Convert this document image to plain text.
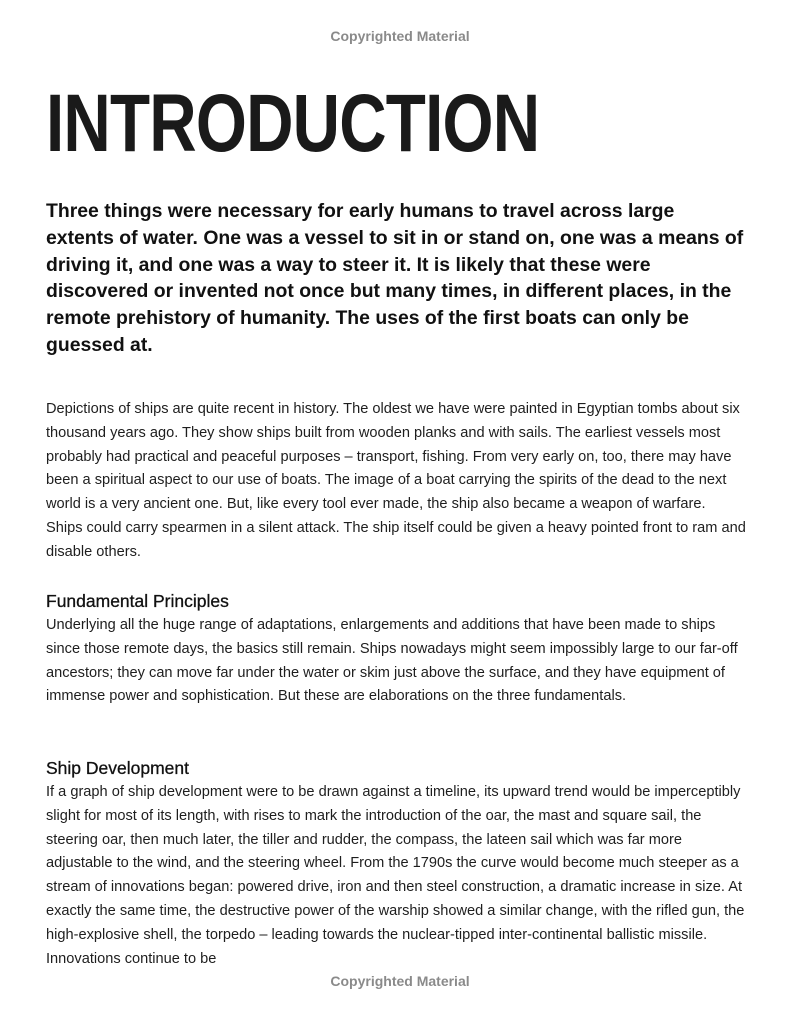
Copyrighted Material
INTRODUCTION

Three things were necessary for early humans to travel across large extents of water. One was a vessel to sit in or stand on, one was a means of driving it, and one was a way to steer it. It is likely that these were discovered or invented not once but many times, in different places, in the remote prehistory of humanity. The uses of the first boats can only be guessed at.

Depictions of ships are quite recent in history. The oldest we have were painted in Egyptian tombs about six thousand years ago. They show ships built from wooden planks and with sails. The earliest vessels most probably had practical and peaceful purposes – transport, fishing. From very early on, too, there may have been a spiritual aspect to our use of boats. The image of a boat carrying the spirits of the dead to the next world is a very ancient one. But, like every tool ever made, the ship also became a weapon of warfare. Ships could carry spearmen in a silent attack. The ship itself could be given a heavy pointed front to ram and disable others.

Fundamental Principles

Underlying all the huge range of adaptations, enlargements and additions that have been made to ships since those remote days, the basics still remain. Ships nowadays might seem impossibly large to our far-off ancestors; they can move far under the water or skim just above the surface, and they have equipment of immense power and sophistication. But these are elaborations on the three fundamentals.

Ship Development

If a graph of ship development were to be drawn against a timeline, its upward trend would be imperceptibly slight for most of its length, with rises to mark the introduction of the oar, the mast and square sail, the steering oar, then much later, the tiller and rudder, the compass, the lateen sail which was far more adjustable to the wind, and the steering wheel. From the 1790s the curve would become much steeper as a stream of innovations began: powered drive, iron and then steel construction, a dramatic increase in size. At exactly the same time, the destructive power of the warship showed a similar change, with the rifled gun, the high-explosive shell, the torpedo – leading towards the nuclear-tipped inter-continental ballistic missile. Innovations continue to be

Copyrighted Material
